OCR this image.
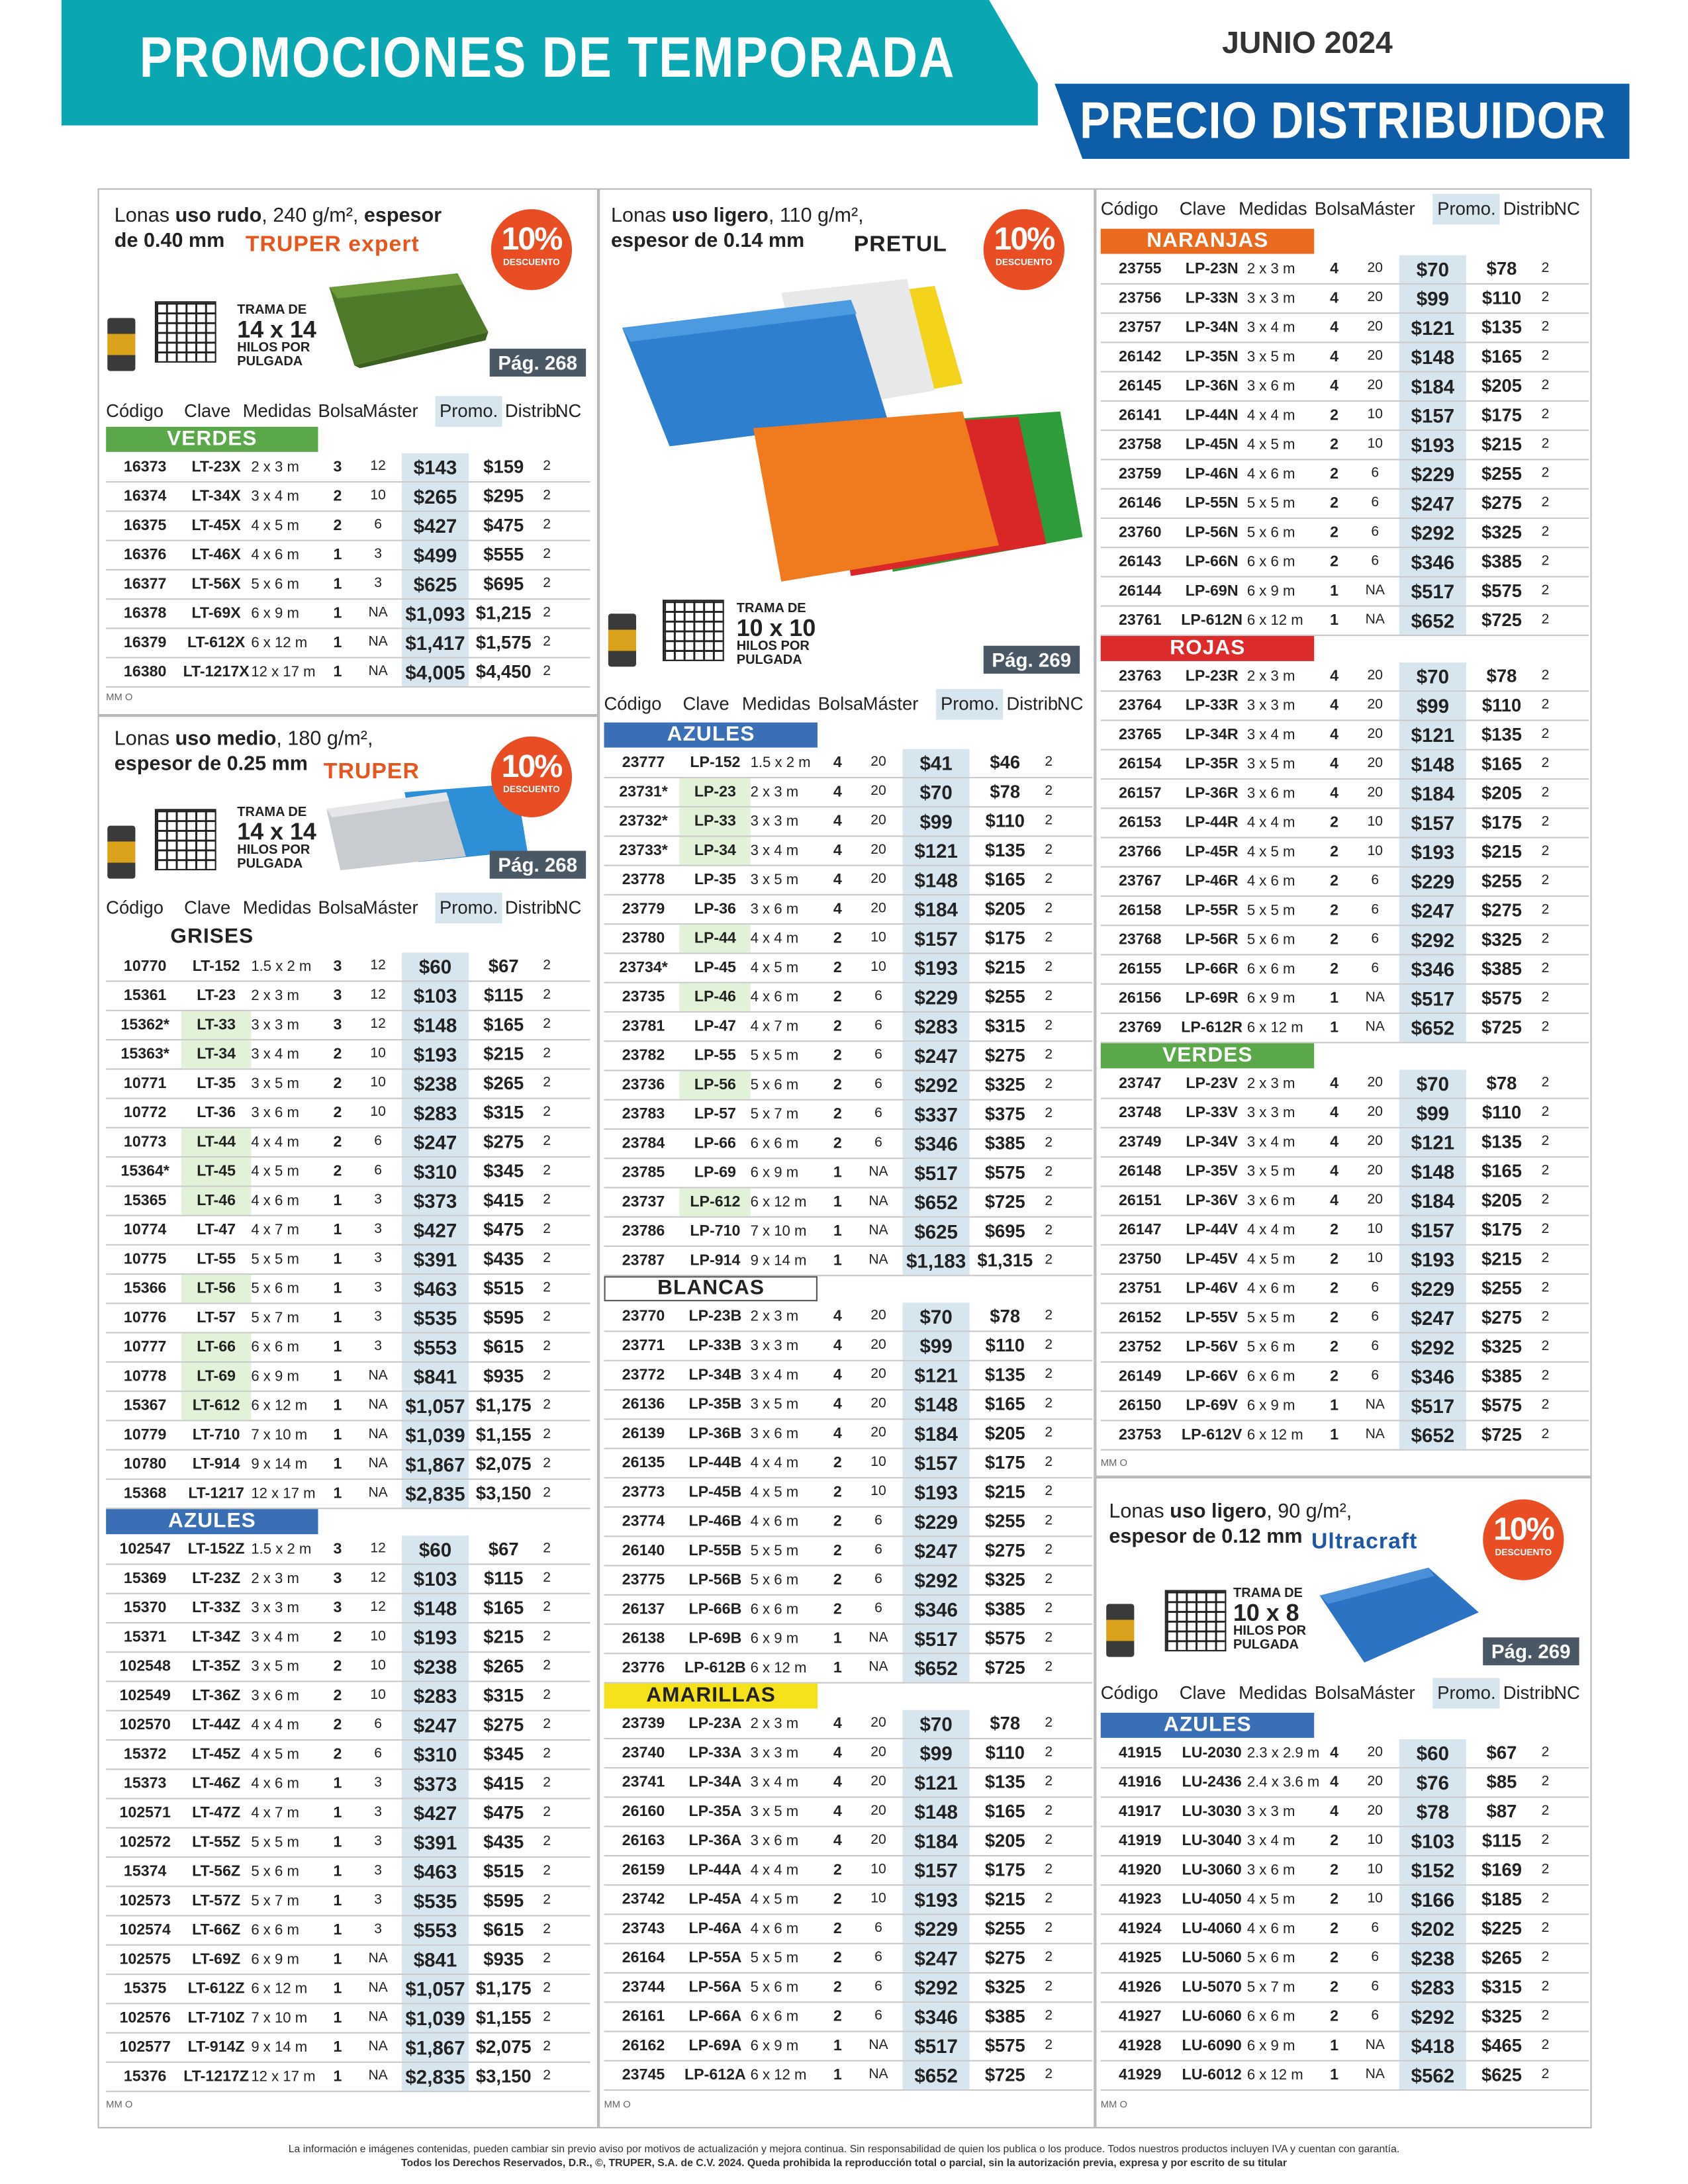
PROMOCIONES DE TEMPORADA	JUNIO 2024
PRECIO DISTRIBUIDOR
Lonas uso rudo, 240 g/m², espesor
de 0.40 mm	TRUPER expert	10%
DESCUENTO
Pág. 268
TRAMA DE
14 x 14
HILOS POR
PULGADA
Código	Clave	Medidas Bolsa
Máster	Promo. Distrib.
NC
VERDES
16373	LT-23X	2 x 3 m	3	12	$143	$159	2
16374	LT-34X	3 x 4 m	2	10	$265	$295	2
16375	LT-45X	4 x 5 m	2	6	$427	$475	2
16376	LT-46X	4 x 6 m	1	3	$499	$555	2
16377	LT-56X	5 x 6 m	1	3	$625	$695	2
16378	LT-69X	6 x 9 m	1	NA	$1,093	$1,215	2
16379	LT-612X 6 x 12 m	1	NA	$1,417	$1,575	2
16380	LT-1217X 12 x 17 m	1	NA	$4,005	$4,450	2
MM O
Lonas uso medio, 180 g/m²,
espesor de 0.25 mm	TRUPER	10%
DESCUENTO
Pág. 268
TRAMA DE
14 x 14
HILOS POR
PULGADA
Código	Clave	Medidas Bolsa
Máster	Promo. Distrib.
NC
GRISES
10770	LT-152	1.5 x 2 m	3	12	$60	$67	2
15361	LT-23	2 x 3 m	3	12	$103	$115	2
15362*	LT-33	3 x 3 m	3	12	$148	$165	2
15363*	LT-34	3 x 4 m	2	10	$193	$215	2
10771	LT-35	3 x 5 m	2	10	$238	$265	2
10772	LT-36	3 x 6 m	2	10	$283	$315	2
10773	LT-44	4 x 4 m	2	6	$247	$275	2
15364*	LT-45	4 x 5 m	2	6	$310	$345	2
15365	LT-46	4 x 6 m	1	3	$373	$415	2
10774	LT-47	4 x 7 m	1	3	$427	$475	2
10775	LT-55	5 x 5 m	1	3	$391	$435	2
15366	LT-56	5 x 6 m	1	3	$463	$515	2
10776	LT-57	5 x 7 m	1	3	$535	$595	2
10777	LT-66	6 x 6 m	1	3	$553	$615	2
10778	LT-69	6 x 9 m	1	NA	$841	$935	2
15367	LT-612	6 x 12 m	1	NA	$1,057	$1,175	2
10779	LT-710	7 x 10 m	1	NA	$1,039	$1,155	2
10780	LT-914	9 x 14 m	1	NA	$1,867	$2,075	2
15368	LT-1217 12 x 17 m	1	NA	$2,835	$3,150	2
AZULES
102547	LT-152Z 1.5 x 2 m	3	12	$60	$67	2
15369	LT-23Z	2 x 3 m	3	12	$103	$115	2
15370	LT-33Z	3 x 3 m	3	12	$148	$165	2
15371	LT-34Z	3 x 4 m	2	10	$193	$215	2
102548	LT-35Z	3 x 5 m	2	10	$238	$265	2
102549	LT-36Z	3 x 6 m	2	10	$283	$315	2
102570	LT-44Z	4 x 4 m	2	6	$247	$275	2
15372	LT-45Z	4 x 5 m	2	6	$310	$345	2
15373	LT-46Z	4 x 6 m	1	3	$373	$415	2
102571	LT-47Z	4 x 7 m	1	3	$427	$475	2
102572	LT-55Z	5 x 5 m	1	3	$391	$435	2
15374	LT-56Z	5 x 6 m	1	3	$463	$515	2
102573	LT-57Z	5 x 7 m	1	3	$535	$595	2
102574	LT-66Z	6 x 6 m	1	3	$553	$615	2
102575	LT-69Z	6 x 9 m	1	NA	$841	$935	2
15375	LT-612Z 6 x 12 m	1	NA	$1,057	$1,175	2
102576	LT-710Z 7 x 10 m	1	NA	$1,039	$1,155	2
102577	LT-914Z 9 x 14 m	1	NA	$1,867	$2,075	2
15376	LT-1217Z 12 x 17 m	1	NA	$2,835	$3,150	2
MM O
Lonas uso ligero, 110 g/m²,
espesor de 0.14 mm	PRETUL	10%
DESCUENTO
Pág. 269
TRAMA DE
10 x 10
HILOS POR
PULGADA
Código	Clave	Medidas Bolsa Máster	Promo. Distrib.
NC
AZULES
23777	LP-152	1.5 x 2 m	4	20	$41	$46	2
23731*	LP-23	2 x 3 m	4	20	$70	$78	2
23732*	LP-33	3 x 3 m	4	20	$99	$110	2
23733*	LP-34	3 x 4 m	4	20	$121	$135	2
23778	LP-35	3 x 5 m	4	20	$148	$165	2
23779	LP-36	3 x 6 m	4	20	$184	$205	2
23780	LP-44	4 x 4 m	2	10	$157	$175	2
23734*	LP-45	4 x 5 m	2	10	$193	$215	2
23735	LP-46	4 x 6 m	2	6	$229	$255	2
23781	LP-47	4 x 7 m	2	6	$283	$315	2
23782	LP-55	5 x 5 m	2	6	$247	$275	2
23736	LP-56	5 x 6 m	2	6	$292	$325	2
23783	LP-57	5 x 7 m	2	6	$337	$375	2
23784	LP-66	6 x 6 m	2	6	$346	$385	2
23785	LP-69	6 x 9 m	1	NA	$517	$575	2
23737	LP-612	6 x 12 m	1	NA	$652	$725	2
23786	LP-710	7 x 10 m	1	NA	$625	$695	2
23787	LP-914	9 x 14 m	1	NA	$1,183	$1,315	2
BLANCAS
23770	LP-23B	2 x 3 m	4	20	$70	$78	2
23771	LP-33B	3 x 3 m	4	20	$99	$110	2
23772	LP-34B	3 x 4 m	4	20	$121	$135	2
26136	LP-35B	3 x 5 m	4	20	$148	$165	2
26139	LP-36B	3 x 6 m	4	20	$184	$205	2
26135	LP-44B	4 x 4 m	2	10	$157	$175	2
23773	LP-45B	4 x 5 m	2	10	$193	$215	2
23774	LP-46B	4 x 6 m	2	6	$229	$255	2
26140	LP-55B	5 x 5 m	2	6	$247	$275	2
23775	LP-56B	5 x 6 m	2	6	$292	$325	2
26137	LP-66B	6 x 6 m	2	6	$346	$385	2
26138	LP-69B	6 x 9 m	1	NA	$517	$575	2
23776	LP-612B 6 x 12 m	1	NA	$652	$725	2
AMARILLAS
23739	LP-23A	2 x 3 m	4	20	$70	$78	2
23740	LP-33A	3 x 3 m	4	20	$99	$110	2
23741	LP-34A	3 x 4 m	4	20	$121	$135	2
26160	LP-35A	3 x 5 m	4	20	$148	$165	2
26163	LP-36A	3 x 6 m	4	20	$184	$205	2
26159	LP-44A	4 x 4 m	2	10	$157	$175	2
23742	LP-45A	4 x 5 m	2	10	$193	$215	2
23743	LP-46A	4 x 6 m	2	6	$229	$255	2
26164	LP-55A	5 x 5 m	2	6	$247	$275	2
23744	LP-56A	5 x 6 m	2	6	$292	$325	2
26161	LP-66A	6 x 6 m	2	6	$346	$385	2
26162	LP-69A	6 x 9 m	1	NA	$517	$575	2
23745	LP-612A 6 x 12 m	1	NA	$652	$725	2
MM O
Código	Clave	Medidas Bolsa Máster	Promo. Distrib.
NC
NARANJAS
23755	LP-23N	2 x 3 m	4	20	$70	$78	2
23756	LP-33N	3 x 3 m	4	20	$99	$110	2
23757	LP-34N	3 x 4 m	4	20	$121	$135	2
26142	LP-35N	3 x 5 m	4	20	$148	$165	2
26145	LP-36N	3 x 6 m	4	20	$184	$205	2
26141	LP-44N	4 x 4 m	2	10	$157	$175	2
23758	LP-45N	4 x 5 m	2	10	$193	$215	2
23759	LP-46N	4 x 6 m	2	6	$229	$255	2
26146	LP-55N	5 x 5 m	2	6	$247	$275	2
23760	LP-56N	5 x 6 m	2	6	$292	$325	2
26143	LP-66N	6 x 6 m	2	6	$346	$385	2
26144	LP-69N	6 x 9 m	1	NA	$517	$575	2
23761	LP-612N 6 x 12 m	1	NA	$652	$725	2
ROJAS
23763	LP-23R	2 x 3 m	4	20	$70	$78	2
23764	LP-33R	3 x 3 m	4	20	$99	$110	2
23765	LP-34R	3 x 4 m	4	20	$121	$135	2
26154	LP-35R	3 x 5 m	4	20	$148	$165	2
26157	LP-36R	3 x 6 m	4	20	$184	$205	2
26153	LP-44R	4 x 4 m	2	10	$157	$175	2
23766	LP-45R	4 x 5 m	2	10	$193	$215	2
23767	LP-46R	4 x 6 m	2	6	$229	$255	2
26158	LP-55R	5 x 5 m	2	6	$247	$275	2
23768	LP-56R	5 x 6 m	2	6	$292	$325	2
26155	LP-66R	6 x 6 m	2	6	$346	$385	2
26156	LP-69R	6 x 9 m	1	NA	$517	$575	2
23769	LP-612R 6 x 12 m	1	NA	$652	$725	2
VERDES
23747	LP-23V	2 x 3 m	4	20	$70	$78	2
23748	LP-33V	3 x 3 m	4	20	$99	$110	2
23749	LP-34V	3 x 4 m	4	20	$121	$135	2
26148	LP-35V	3 x 5 m	4	20	$148	$165	2
26151	LP-36V	3 x 6 m	4	20	$184	$205	2
26147	LP-44V	4 x 4 m	2	10	$157	$175	2
23750	LP-45V	4 x 5 m	2	10	$193	$215	2
23751	LP-46V	4 x 6 m	2	6	$229	$255	2
26152	LP-55V	5 x 5 m	2	6	$247	$275	2
23752	LP-56V	5 x 6 m	2	6	$292	$325	2
26149	LP-66V	6 x 6 m	2	6	$346	$385	2
26150	LP-69V	6 x 9 m	1	NA	$517	$575	2
23753	LP-612V 6 x 12 m	1	NA	$652	$725	2
MM O
Lonas uso ligero, 90 g/m²,
espesor de 0.12 mm Ultracraft	10%
DESCUENTO
Pág. 269
TRAMA DE
10 x 8
HILOS POR
PULGADA
Código	Clave	Medidas Bolsa Máster	Promo. Distrib.
NC
AZULES
41915	LU-2030 2.3 x 2.9 m	4	20	$60	$67	2
41916	LU-2436 2.4 x 3.6 m	4	20	$76	$85	2
41917	LU-3030 3 x 3 m	4	20	$78	$87	2
41919	LU-3040 3 x 4 m	2	10	$103	$115	2
41920	LU-3060 3 x 6 m	2	10	$152	$169	2
41923	LU-4050 4 x 5 m	2	10	$166	$185	2
41924	LU-4060 4 x 6 m	2	6	$202	$225	2
41925	LU-5060 5 x 6 m	2	6	$238	$265	2
41926	LU-5070 5 x 7 m	2	6	$283	$315	2
41927	LU-6060 6 x 6 m	2	6	$292	$325	2
41928	LU-6090 6 x 9 m	1	NA	$418	$465	2
41929	LU-6012 6 x 12 m	1	NA	$562	$625	2
MM O
La información e imágenes contenidas, pueden cambiar sin previo aviso por motivos de actualización y mejora continua. Sin responsabilidad de quien los publica o los produce. Todos nuestros productos incluyen IVA y cuentan con garantía.
Todos los Derechos Reservados, D.R., ©, TRUPER, S.A. de C.V. 2024. Queda prohibida la reproducción total o parcial, sin la autorización previa, expresa y por escrito de su titular
